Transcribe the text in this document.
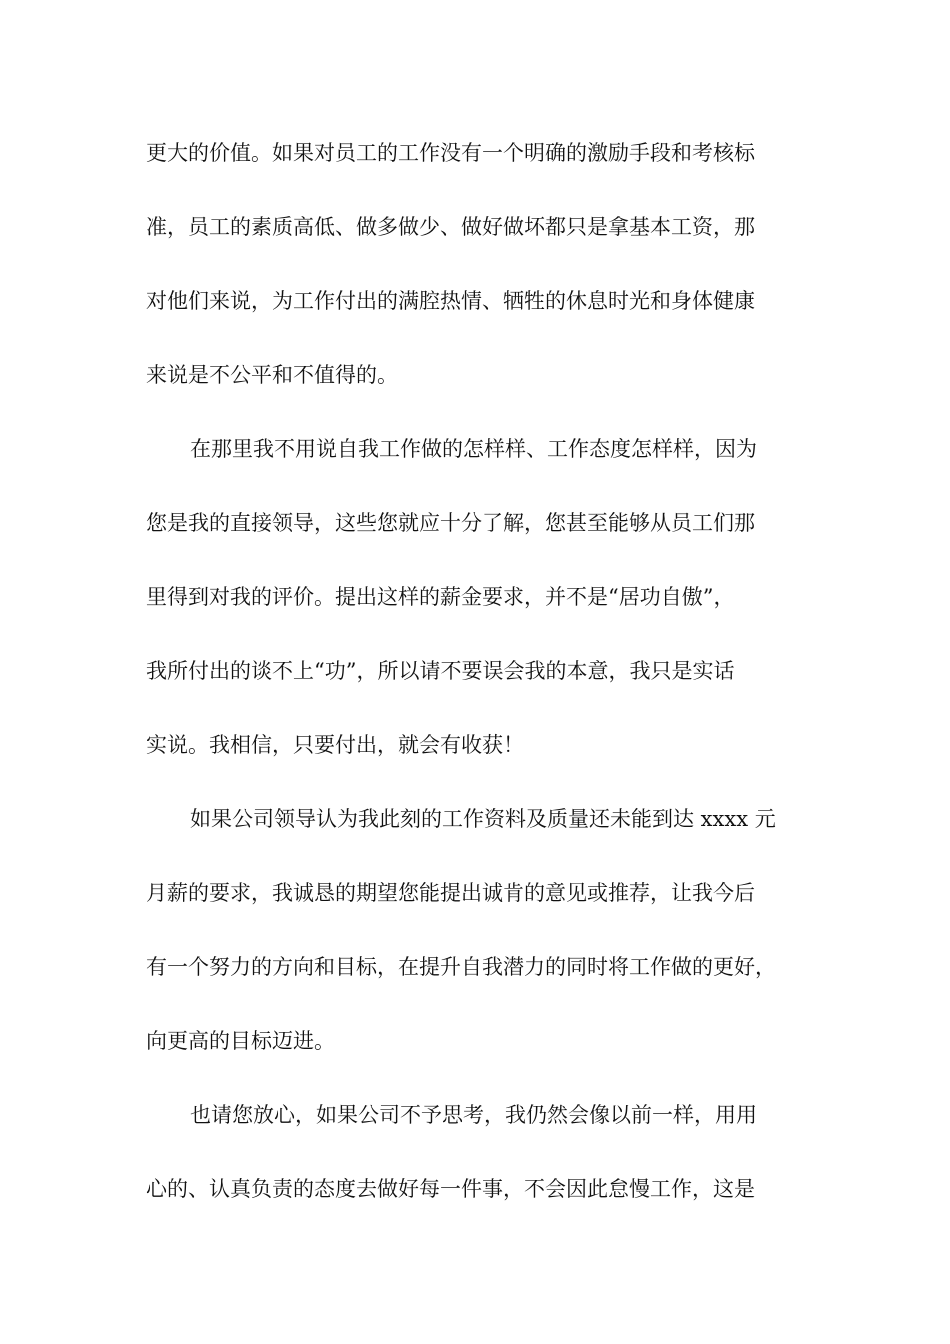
更大的价值。如果对员工的工作没有一个明确的激励手段和考核标
准，员工的素质高低、做多做少、做好做坏都只是拿基本工资，那
对他们来说，为工作付出的满腔热情、牺牲的休息时光和身体健康
来说是不公平和不值得的。
在那里我不用说自我工作做的怎样样、工作态度怎样样，因为
您是我的直接领导，这些您就应十分了解，您甚至能够从员工们那
里得到对我的评价。提出这样的薪金要求，并不是“居功自傲”，
我所付出的谈不上“功”，所以请不要误会我的本意，我只是实话
实说。我相信，只要付出，就会有收获！
如果公司领导认为我此刻的工作资料及质量还未能到达 xxxx 元
月薪的要求，我诚恳的期望您能提出诚肯的意见或推荐，让我今后
有一个努力的方向和目标，在提升自我潜力的同时将工作做的更好，
向更高的目标迈进。
也请您放心，如果公司不予思考，我仍然会像以前一样，用用
心的、认真负责的态度去做好每一件事，不会因此怠慢工作，这是
